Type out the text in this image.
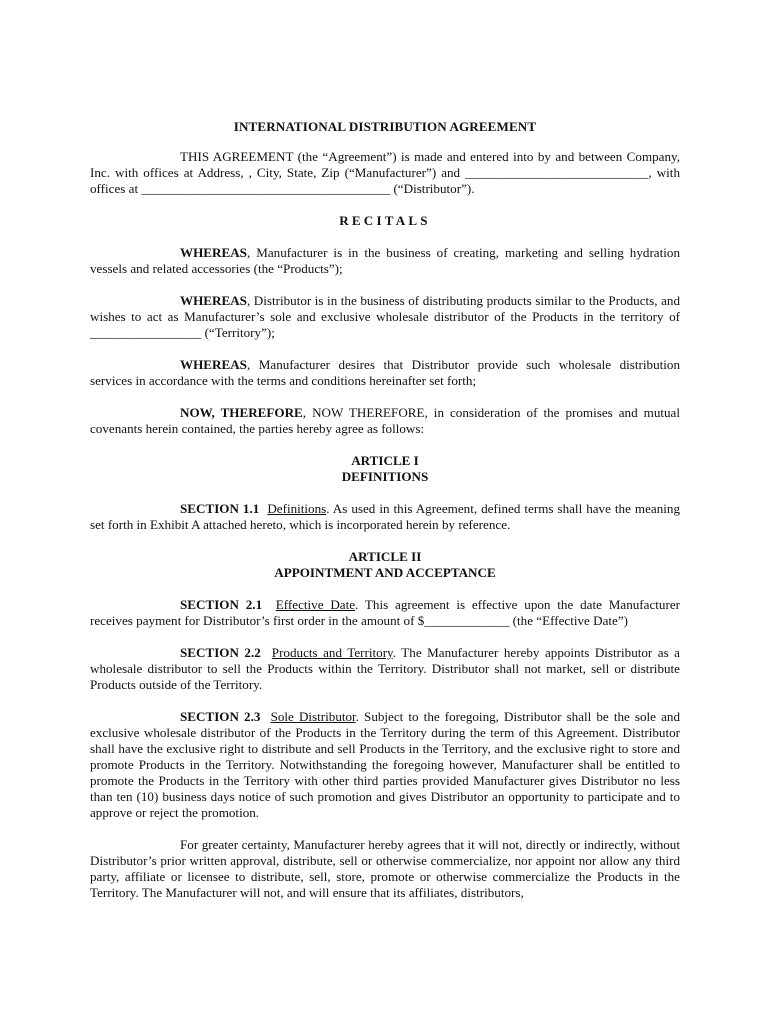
INTERNATIONAL DISTRIBUTION AGREEMENT

THIS AGREEMENT (the “Agreement”) is made and entered into by and between Company, Inc. with offices at Address, , City, State, Zip (“Manufacturer”) and ____________________________, with offices at ______________________________________ (“Distributor”).

RECITALS

WHEREAS, Manufacturer is in the business of creating, marketing and selling hydration vessels and related accessories (the “Products”);

WHEREAS, Distributor is in the business of distributing products similar to the Products, and wishes to act as Manufacturer’s sole and exclusive wholesale distributor of the Products in the territory of _________________ (“Territory”);

WHEREAS, Manufacturer desires that Distributor provide such wholesale distribution services in accordance with the terms and conditions hereinafter set forth;

NOW, THEREFORE, NOW THEREFORE, in consideration of the promises and mutual covenants herein contained, the parties hereby agree as follows:

ARTICLE I
DEFINITIONS

SECTION 1.1 Definitions. As used in this Agreement, defined terms shall have the meaning set forth in Exhibit A attached hereto, which is incorporated herein by reference.

ARTICLE II
APPOINTMENT AND ACCEPTANCE

SECTION 2.1 Effective Date. This agreement is effective upon the date Manufacturer receives payment for Distributor’s first order in the amount of $_____________ (the “Effective Date”)

SECTION 2.2 Products and Territory. The Manufacturer hereby appoints Distributor as a wholesale distributor to sell the Products within the Territory. Distributor shall not market, sell or distribute Products outside of the Territory.

SECTION 2.3 Sole Distributor. Subject to the foregoing, Distributor shall be the sole and exclusive wholesale distributor of the Products in the Territory during the term of this Agreement. Distributor shall have the exclusive right to distribute and sell Products in the Territory, and the exclusive right to store and promote Products in the Territory. Notwithstanding the foregoing however, Manufacturer shall be entitled to promote the Products in the Territory with other third parties provided Manufacturer gives Distributor no less than ten (10) business days notice of such promotion and gives Distributor an opportunity to participate and to approve or reject the promotion.

For greater certainty, Manufacturer hereby agrees that it will not, directly or indirectly, without Distributor’s prior written approval, distribute, sell or otherwise commercialize, nor appoint nor allow any third party, affiliate or licensee to distribute, sell, store, promote or otherwise commercialize the Products in the Territory. The Manufacturer will not, and will ensure that its affiliates, distributors,
